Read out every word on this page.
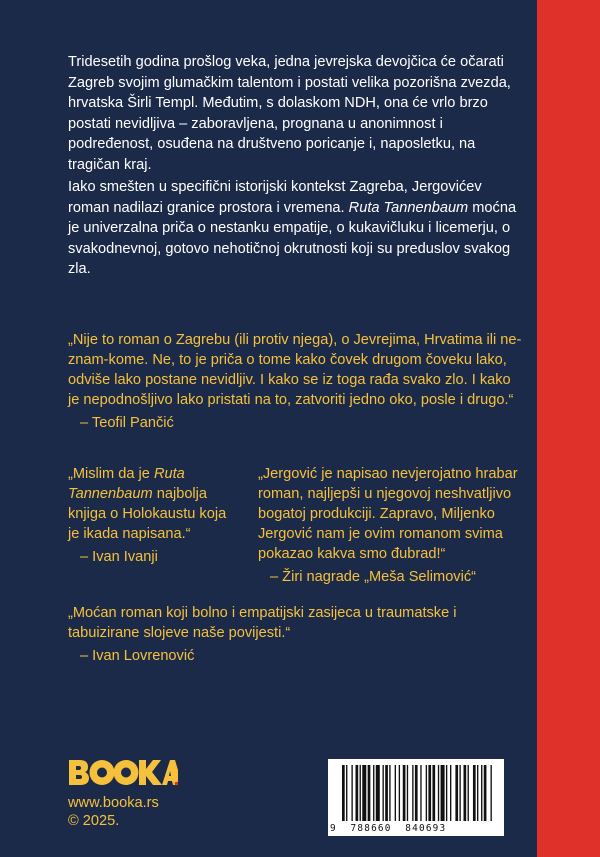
Tridesetih godina prošlog veka, jedna jevrejska devojčica će očarati Zagreb svojim glumačkim talentom i postati velika pozorišna zvezda, hrvatska Širli Templ. Međutim, s dolaskom NDH, ona će vrlo brzo postati nevidljiva – zaboravljena, prognana u anonimnost i podređenost, osuđena na društveno poricanje i, naposletku, na tragičan kraj.

Iako smešten u specifični istorijski kontekst Zagreba, Jergovićev roman nadilazi granice prostora i vremena. Ruta Tannenbaum moćna je univerzalna priča o nestanku empatije, o kukavičluku i licemerju, o svakodnevnoj, gotovo nehotičnoj okrutnosti koji su preduslov svakog zla.

„Nije to roman o Zagrebu (ili protiv njega), o Jevrejima, Hrvatima ili ne-znam-kome. Ne, to je priča o tome kako čovek drugom čoveku lako, odviše lako postane nevidljiv. I kako se iz toga rađa svako zlo. I kako je nepodnošljivo lako pristati na to, zatvoriti jedno oko, posle i drugo.“
– Teofil Pančić
„Mislim da je Ruta Tannenbaum najbolja knjiga o Holokaustu koja je ikada napisana.“
– Ivan Ivanji
„Jergović je napisao nevjerojatno hrabar roman, najljepši u njegovoj neshvatljivo bogatoj produkciji. Zapravo, Miljenko Jergović nam je ovim romanom svima pokazao kakva smo đubrad!“
– Žiri nagrade „Meša Selimović“
„Moćan roman koji bolno i empatijski zasijeca u traumatske i tabuizirane slojeve naše povijesti.“
– Ivan Lovrenović
www.booka.rs
© 2025.	9  788660  840693
